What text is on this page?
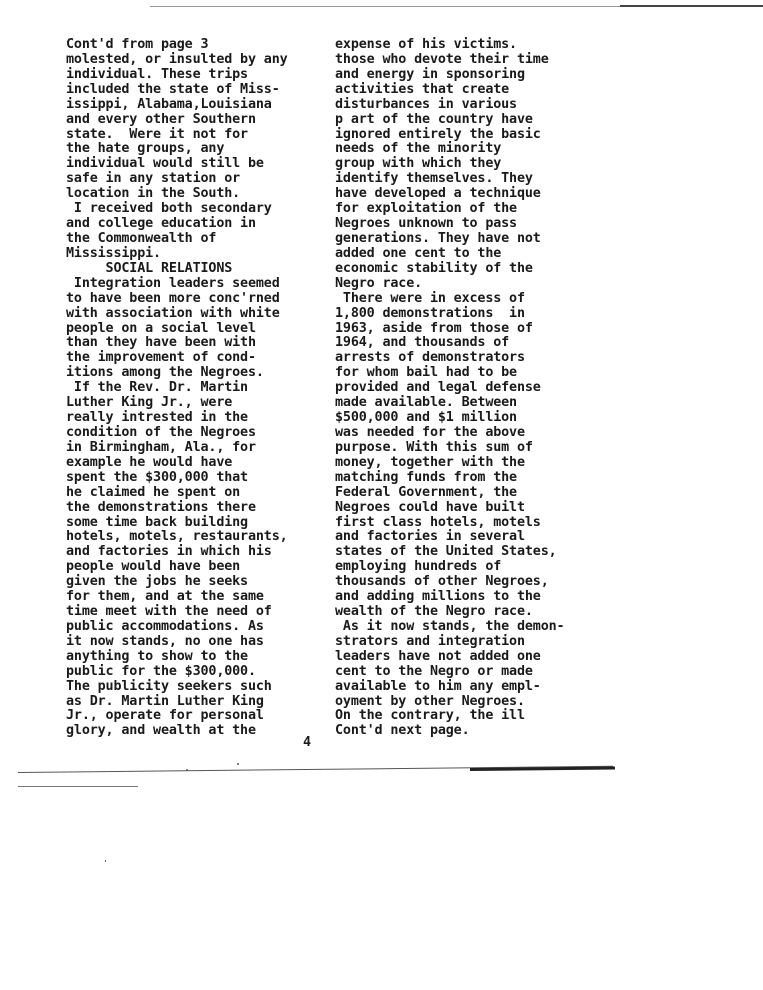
Cont'd from page 3
molested, or insulted by any
individual. These trips
included the state of Miss-
issippi, Alabama,Louisiana
and every other Southern
state.  Were it not for
the hate groups, any
individual would still be
safe in any station or
location in the South.
I received both secondary
and college education in
the Commonwealth of
Mississippi.
SOCIAL RELATIONS
Integration leaders seemed
to have been more conc'rned
with association with white
people on a social level
than they have been with
the improvement of cond-
itions among the Negroes.
If the Rev. Dr. Martin
Luther King Jr., were
really intrested in the
condition of the Negroes
in Birmingham, Ala., for
example he would have
spent the $300,000 that
he claimed he spent on
the demonstrations there
some time back building
hotels, motels, restaurants,
and factories in which his
people would have been
given the jobs he seeks
for them, and at the same
time meet with the need of
public accommodations. As
it now stands, no one has
anything to show to the
public for the $300,000.
The publicity seekers such
as Dr. Martin Luther King
Jr., operate for personal
glory, and wealth at the
expense of his victims.
those who devote their time
and energy in sponsoring
activities that create
disturbances in various
p art of the country have
ignored entirely the basic
needs of the minority
group with which they
identify themselves. They
have developed a technique
for exploitation of the
Negroes unknown to pass
generations. They have not
added one cent to the
economic stability of the
Negro race.
There were in excess of
1,800 demonstrations  in
1963, aside from those of
1964, and thousands of
arrests of demonstrators
for whom bail had to be
provided and legal defense
made available. Between
$500,000 and $1 million
was needed for the above
purpose. With this sum of
money, together with the
matching funds from the
Federal Government, the
Negroes could have built
first class hotels, motels
and factories in several
states of the United States,
employing hundreds of
thousands of other Negroes,
and adding millions to the
wealth of the Negro race.
As it now stands, the demon-
strators and integration
leaders have not added one
cent to the Negro or made
available to him any empl-
oyment by other Negroes.
On the contrary, the ill
Cont'd next page.
4
